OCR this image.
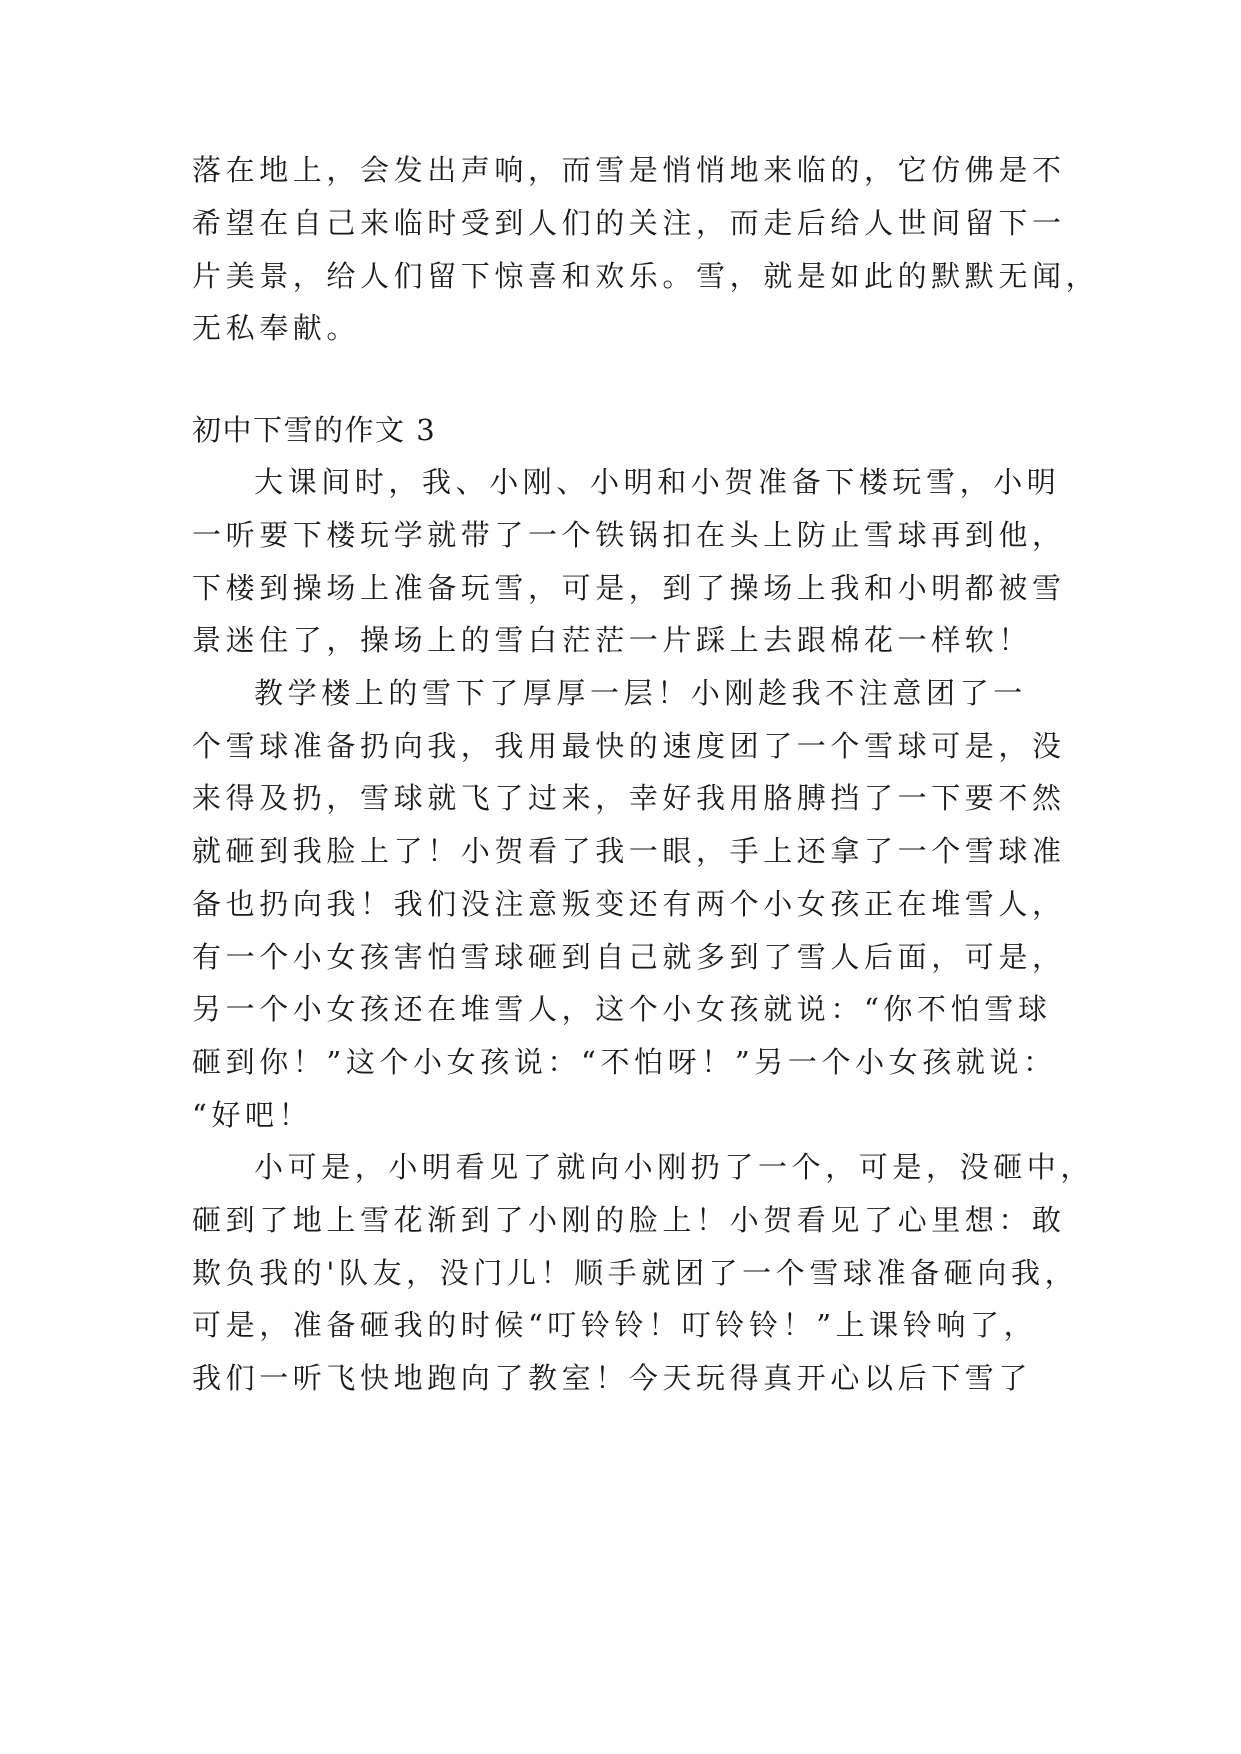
落在地上，会发出声响，而雪是悄悄地来临的，它仿佛是不
希望在自己来临时受到人们的关注，而走后给人世间留下一
片美景，给人们留下惊喜和欢乐。雪，就是如此的默默无闻，
无私奉献。
初中下雪的作文 3
大课间时，我、小刚、小明和小贺准备下楼玩雪，小明
一听要下楼玩学就带了一个铁锅扣在头上防止雪球再到他，
下楼到操场上准备玩雪，可是，到了操场上我和小明都被雪
景迷住了，操场上的雪白茫茫一片踩上去跟棉花一样软！
教学楼上的雪下了厚厚一层！小刚趁我不注意团了一
个雪球准备扔向我，我用最快的速度团了一个雪球可是，没
来得及扔，雪球就飞了过来，幸好我用胳膊挡了一下要不然
就砸到我脸上了！小贺看了我一眼，手上还拿了一个雪球准
备也扔向我！我们没注意叛变还有两个小女孩正在堆雪人，
有一个小女孩害怕雪球砸到自己就多到了雪人后面，可是，
另一个小女孩还在堆雪人，这个小女孩就说：“你不怕雪球
砸到你！”这个小女孩说：“不怕呀！”另一个小女孩就说：
“好吧！
小可是，小明看见了就向小刚扔了一个，可是，没砸中，
砸到了地上雪花渐到了小刚的脸上！小贺看见了心里想：敢
欺负我的'队友，没门儿！顺手就团了一个雪球准备砸向我，
可是，准备砸我的时候“叮铃铃！叮铃铃！”上课铃响了，
我们一听飞快地跑向了教室！今天玩得真开心以后下雪了
